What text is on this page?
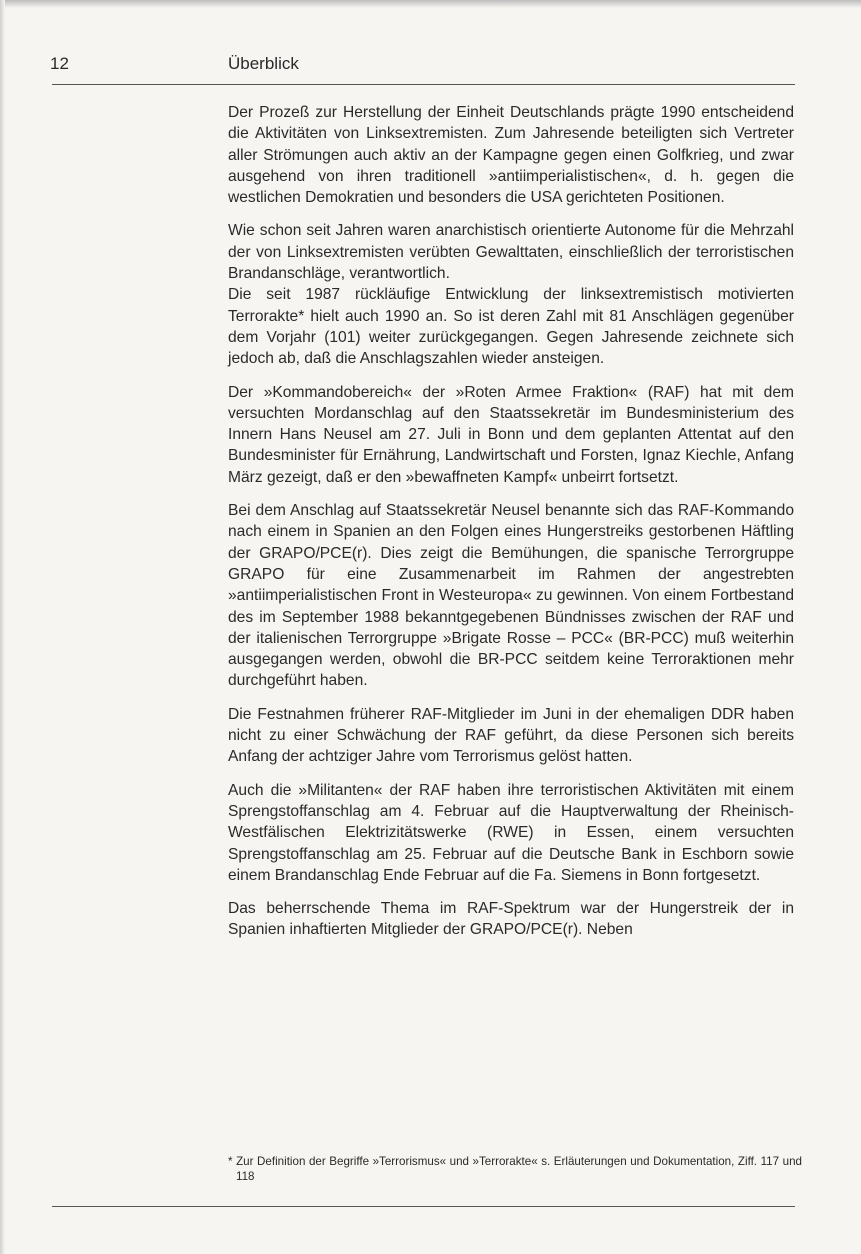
12	Überblick

Der Prozeß zur Herstellung der Einheit Deutschlands prägte 1990 entscheidend die Aktivitäten von Linksextremisten. Zum Jahresende beteiligten sich Vertreter aller Strömungen auch aktiv an der Kampagne gegen einen Golfkrieg, und zwar ausgehend von ihren traditionell »antiimperialistischen«, d. h. gegen die westlichen Demokratien und besonders die USA gerichteten Positionen.

Wie schon seit Jahren waren anarchistisch orientierte Autonome für die Mehrzahl der von Linksextremisten verübten Gewalttaten, einschließlich der terroristischen Brandanschläge, verantwortlich.

Die seit 1987 rückläufige Entwicklung der linksextremistisch motivierten Terrorakte* hielt auch 1990 an. So ist deren Zahl mit 81 Anschlägen gegenüber dem Vorjahr (101) weiter zurückgegangen. Gegen Jahresende zeichnete sich jedoch ab, daß die Anschlagszahlen wieder ansteigen.

Der »Kommandobereich« der »Roten Armee Fraktion« (RAF) hat mit dem versuchten Mordanschlag auf den Staatssekretär im Bundesministerium des Innern Hans Neusel am 27. Juli in Bonn und dem geplanten Attentat auf den Bundesminister für Ernährung, Landwirtschaft und Forsten, Ignaz Kiechle, Anfang März gezeigt, daß er den »bewaffneten Kampf« unbeirrt fortsetzt.

Bei dem Anschlag auf Staatssekretär Neusel benannte sich das RAF-Kommando nach einem in Spanien an den Folgen eines Hungerstreiks gestorbenen Häftling der GRAPO/PCE(r). Dies zeigt die Bemühungen, die spanische Terrorgruppe GRAPO für eine Zusammenarbeit im Rahmen der angestrebten »antiimperialistischen Front in Westeuropa« zu gewinnen. Von einem Fortbestand des im September 1988 bekanntgegebenen Bündnisses zwischen der RAF und der italienischen Terrorgruppe »Brigate Rosse – PCC« (BR-PCC) muß weiterhin ausgegangen werden, obwohl die BR-PCC seitdem keine Terroraktionen mehr durchgeführt haben.

Die Festnahmen früherer RAF-Mitglieder im Juni in der ehemaligen DDR haben nicht zu einer Schwächung der RAF geführt, da diese Personen sich bereits Anfang der achtziger Jahre vom Terrorismus gelöst hatten.

Auch die »Militanten« der RAF haben ihre terroristischen Aktivitäten mit einem Sprengstoffanschlag am 4. Februar auf die Hauptverwaltung der Rheinisch-Westfälischen Elektrizitätswerke (RWE) in Essen, einem versuchten Sprengstoffanschlag am 25. Februar auf die Deutsche Bank in Eschborn sowie einem Brandanschlag Ende Februar auf die Fa. Siemens in Bonn fortgesetzt.

Das beherrschende Thema im RAF-Spektrum war der Hungerstreik der in Spanien inhaftierten Mitglieder der GRAPO/PCE(r). Neben

* Zur Definition der Begriffe »Terrorismus« und »Terrorakte« s. Erläuterungen und Dokumentation, Ziff. 117 und 118
